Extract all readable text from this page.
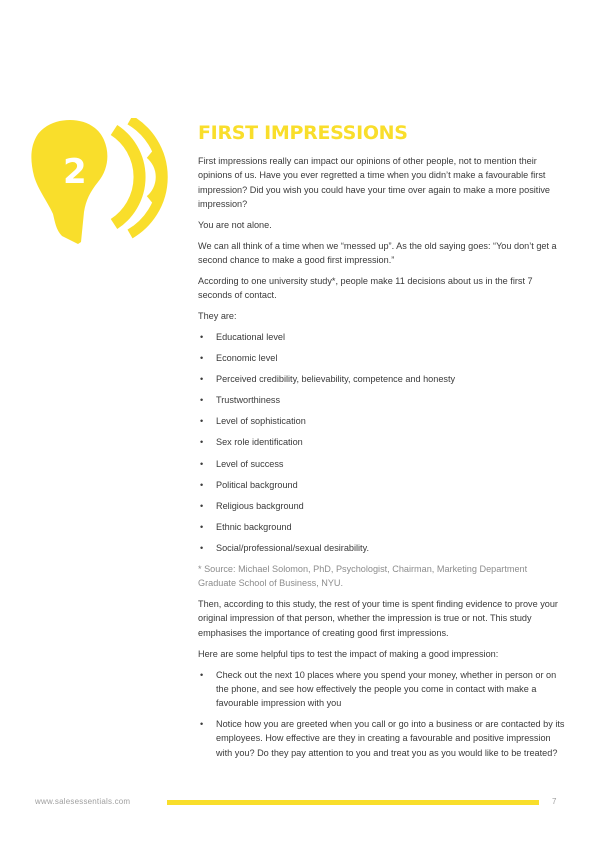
2
FIRST IMPRESSIONS

First impressions really can impact our opinions of other people, not to mention their opinions of us. Have you ever regretted a time when you didn’t make a favourable first impression? Did you wish you could have your time over again to make a more positive impression?

You are not alone.

We can all think of a time when we “messed up”. As the old saying goes: “You don’t get a second chance to make a good first impression.”

According to one university study*, people make 11 decisions about us in the first 7 seconds of contact.

They are:

• Educational level
• Economic level
• Perceived credibility, believability, competence and honesty
• Trustworthiness
• Level of sophistication
• Sex role identification
• Level of success
• Political background
• Religious background
• Ethnic background
• Social/professional/sexual desirability.

* Source: Michael Solomon, PhD, Psychologist, Chairman, Marketing Department Graduate School of Business, NYU.

Then, according to this study, the rest of your time is spent finding evidence to prove your original impression of that person, whether the impression is true or not. This study emphasises the importance of creating good first impressions.

Here are some helpful tips to test the impact of making a good impression:

• Check out the next 10 places where you spend your money, whether in person or on the phone, and see how effectively the people you come in contact with make a favourable impression with you
• Notice how you are greeted when you call or go into a business or are contacted by its employees. How effective are they in creating a favourable and positive impression with you? Do they pay attention to you and treat you as you would like to be treated?
www.salesessentials.com	7
